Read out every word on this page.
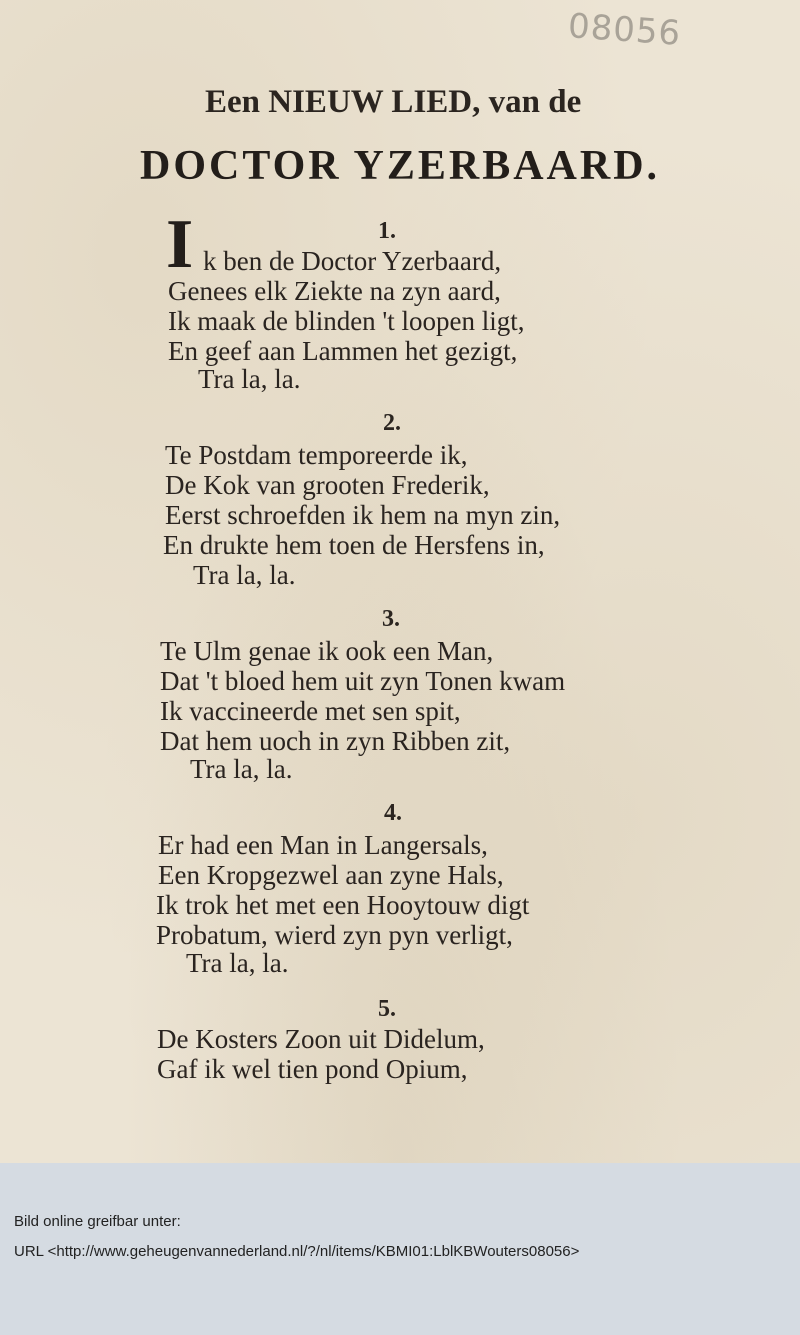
08056
Een NIEUW LIED, van de
DOCTOR YZERBAARD.
I	1.
k ben de Doctor Yzerbaard,
Genees elk Ziekte na zyn aard,
Ik maak de blinden 't loopen ligt,
En geef aan Lammen het gezigt,
Tra la, la.
2.
Te Postdam temporeerde ik,
De Kok van grooten Frederik,
Eerst schroefden ik hem na myn zin,
En drukte hem toen de Hersfens in,
Tra la, la.
3.
Te Ulm genae ik ook een Man,
Dat 't bloed hem uit zyn Tonen kwam
Ik vaccineerde met sen spit,
Dat hem uoch in zyn Ribben zit,
Tra la, la.
4.
Er had een Man in Langersals,
Een Kropgezwel aan zyne Hals,
Ik trok het met een Hooytouw digt
Probatum, wierd zyn pyn verligt,
Tra la, la.
5.
De Kosters Zoon uit Didelum,
Gaf ik wel tien pond Opium,
Bild online greifbar unter:
URL <http://www.geheugenvannederland.nl/?/nl/items/KBMI01:LblKBWouters08056>
